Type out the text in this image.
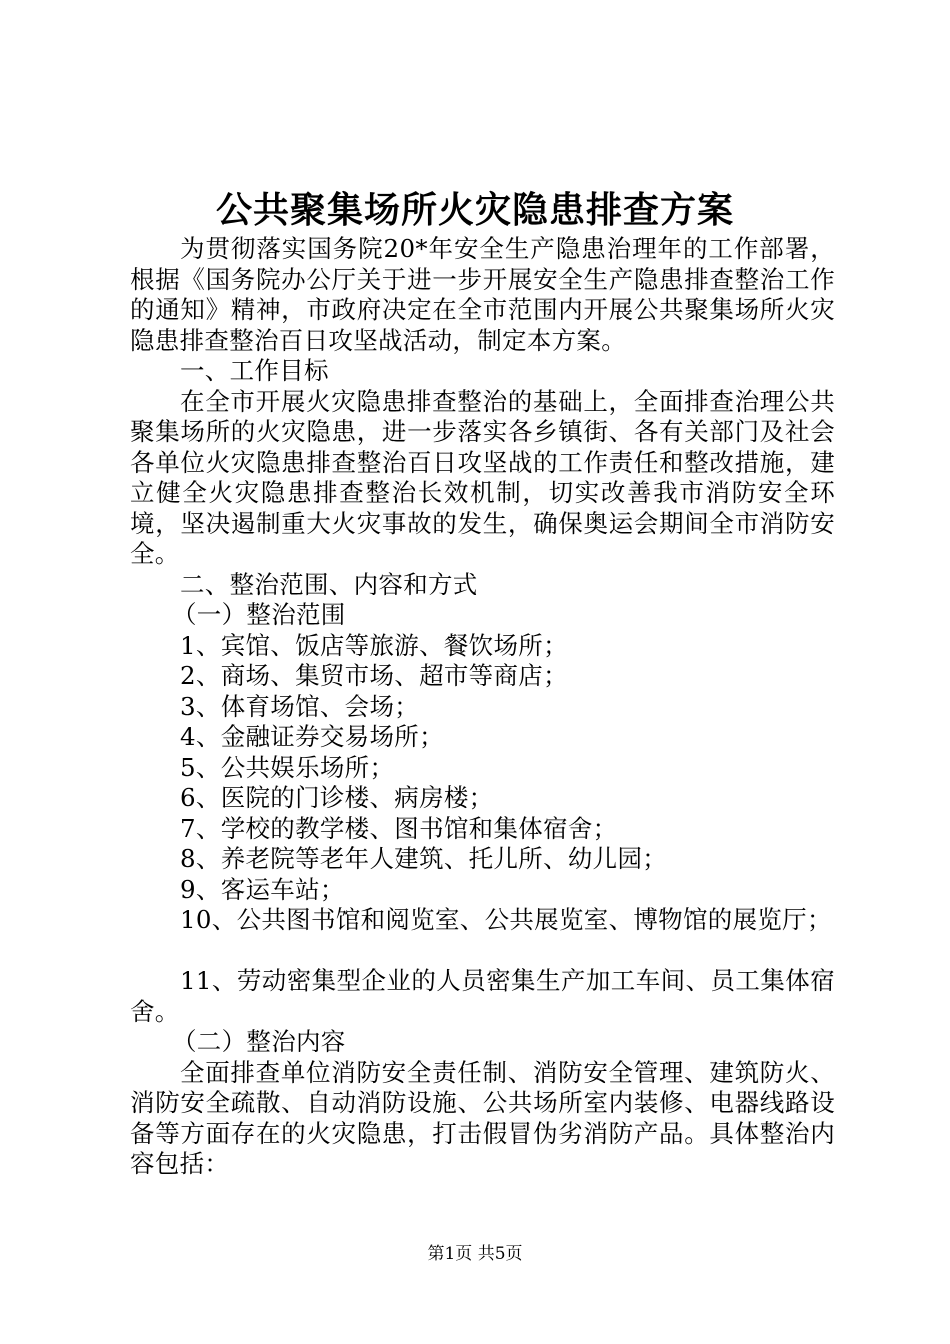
公共聚集场所火灾隐患排查方案

为贯彻落实国务院20*年安全生产隐患治理年的工作部署，根据《国务院办公厅关于进一步开展安全生产隐患排查整治工作的通知》精神，市政府决定在全市范围内开展公共聚集场所火灾隐患排查整治百日攻坚战活动，制定本方案。

一、工作目标

在全市开展火灾隐患排查整治的基础上，全面排查治理公共聚集场所的火灾隐患，进一步落实各乡镇街、各有关部门及社会各单位火灾隐患排查整治百日攻坚战的工作责任和整改措施，建立健全火灾隐患排查整治长效机制，切实改善我市消防安全环境，坚决遏制重大火灾事故的发生，确保奥运会期间全市消防安全。

二、整治范围、内容和方式

（一）整治范围

1、宾馆、饭店等旅游、餐饮场所；

2、商场、集贸市场、超市等商店；

3、体育场馆、会场；

4、金融证券交易场所；

5、公共娱乐场所；

6、医院的门诊楼、病房楼；

7、学校的教学楼、图书馆和集体宿舍；

8、养老院等老年人建筑、托儿所、幼儿园；

9、客运车站；

10、公共图书馆和阅览室、公共展览室、博物馆的展览厅；

11、劳动密集型企业的人员密集生产加工车间、员工集体宿舍。

（二）整治内容

全面排查单位消防安全责任制、消防安全管理、建筑防火、消防安全疏散、自动消防设施、公共场所室内装修、电器线路设备等方面存在的火灾隐患，打击假冒伪劣消防产品。具体整治内容包括：

第1页 共5页
